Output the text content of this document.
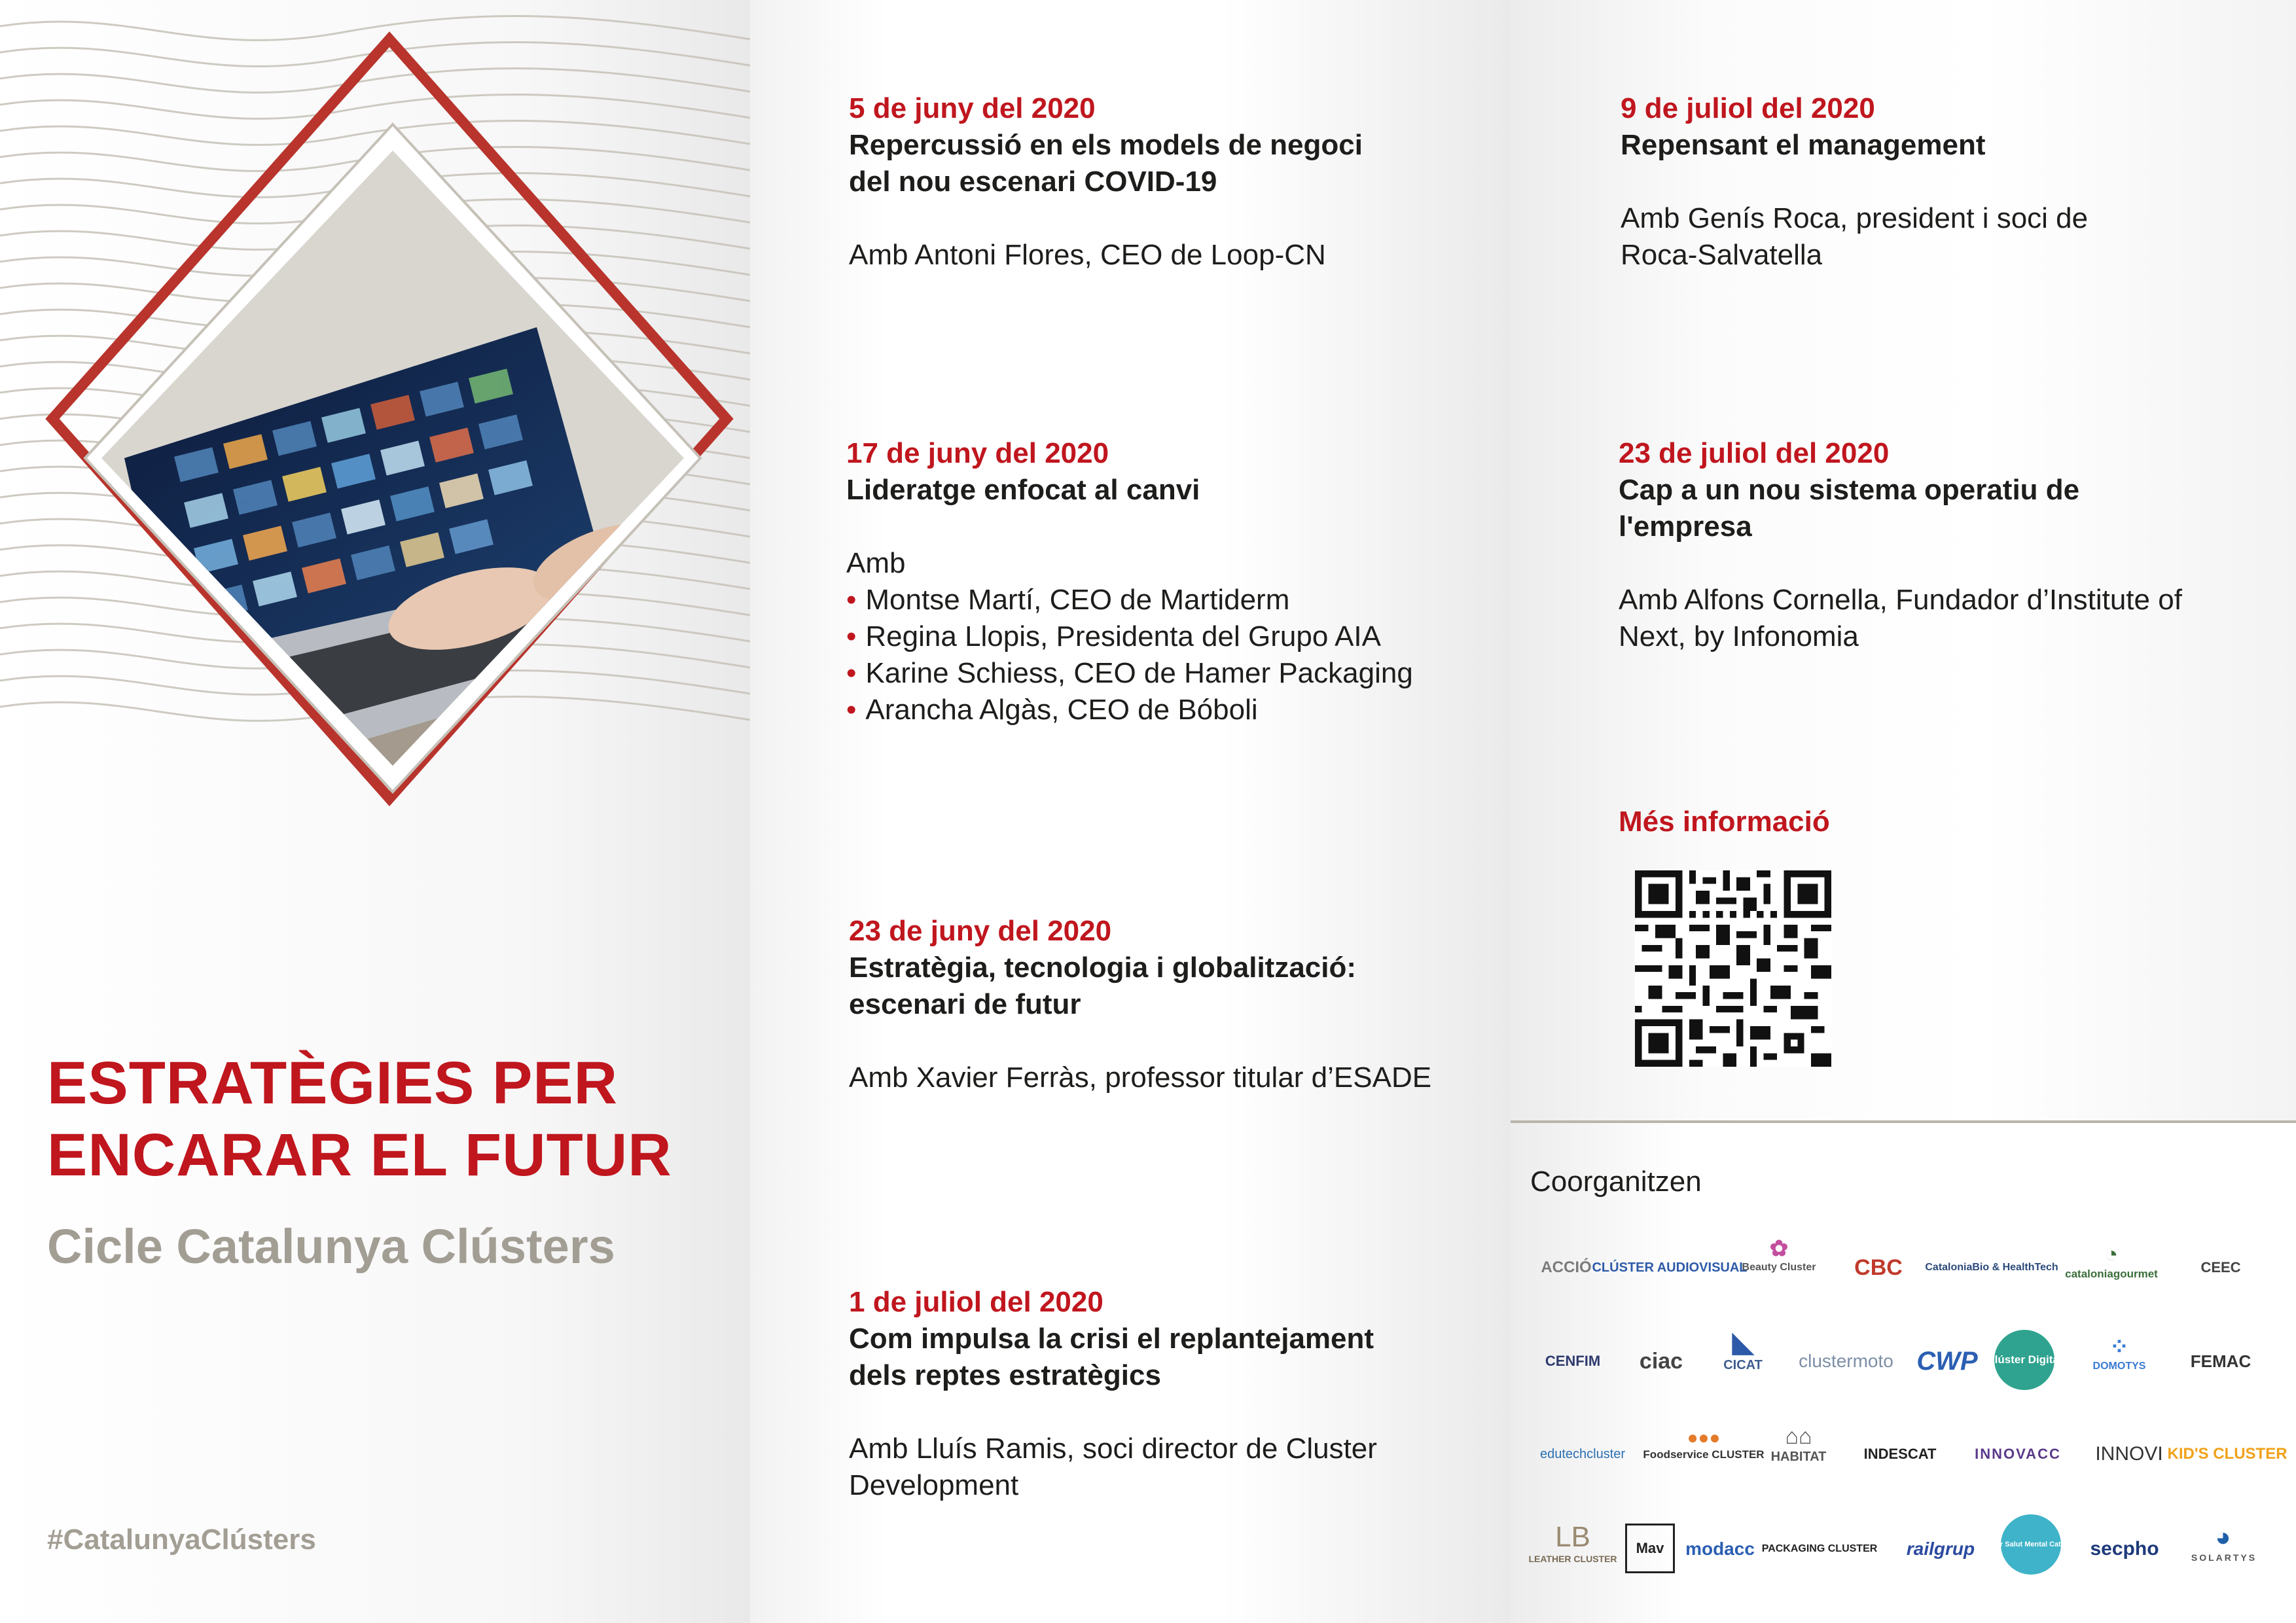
ESTRATÈGIES PER
ENCARAR EL FUTUR
Cicle Catalunya Clústers
#CatalunyaClústers
5 de juny del 2020
Repercussió en els models de negoci
del nou escenari COVID-19
Amb Antoni Flores, CEO de Loop-CN
17 de juny del 2020
Lideratge enfocat al canvi
Amb
• Montse Martí, CEO de Martiderm
• Regina Llopis, Presidenta del Grupo AIA
• Karine Schiess, CEO de Hamer Packaging
• Arancha Algàs, CEO de Bóboli
23 de juny del 2020
Estratègia, tecnologia i globalització:
escenari de futur
Amb Xavier Ferràs, professor titular d’ESADE
1 de juliol del 2020
Com impulsa la crisi el replantejament
dels reptes estratègics
Amb Lluís Ramis, soci director de Cluster
Development
9 de juliol del 2020
Repensant el management
Amb Genís Roca, president i soci de
Roca-Salvatella
23 de juliol del 2020
Cap a un nou sistema operatiu de
l'empresa
Amb Alfons Cornella, Fundador d’Institute of
Next, by Infonomia
Més informació
Coorganitzen
ACCIÓ CLÚSTER AUDIOVISUAL
✿
Beauty Cluster CBC CataloniaBio & HealthTech
◔
cataloniagourmet	CEEC
CENFIM ciac
◣
CICAT clustermoto CWP Clúster Digital ⁘
DOMOTYS	FEMAC
edutechcluster
●●●
Foodservice CLUSTER
⌂⌂
HABITAT	INDESCAT	INNOVACC INNOVI KID'S CLUSTER
LB
LEATHER CLUSTER
Mav modacc PACKAGING CLUSTER railgrup Clúster Salut Mental Catalunya secpho ◕
SOLARTYS
